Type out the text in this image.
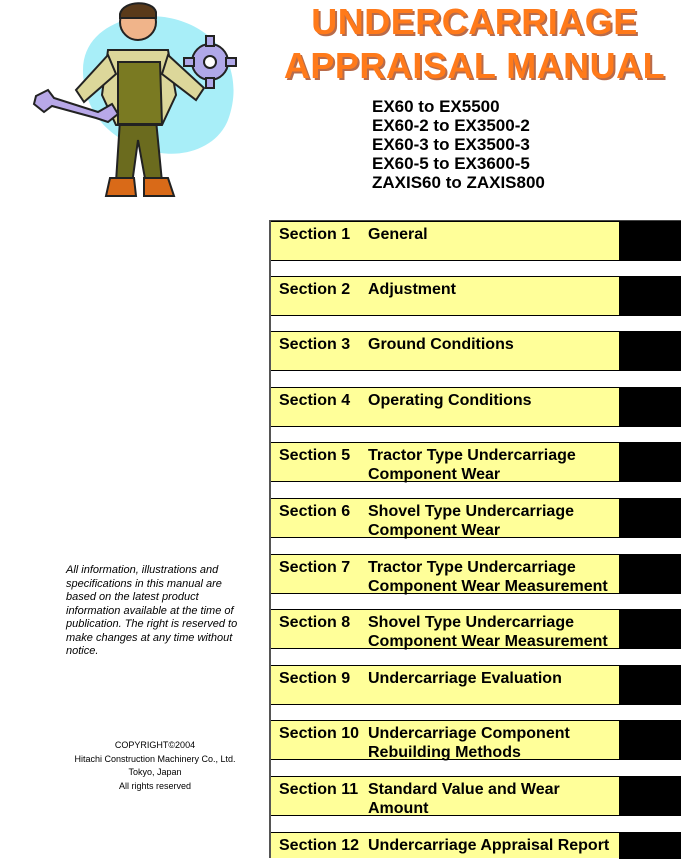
UNDERCARRIAGE
APPRAISAL MANUAL
EX60 to EX5500
EX60-2 to EX3500-2
EX60-3 to EX3500-3
EX60-5 to EX3600-5
ZAXIS60 to ZAXIS800
Section 1 General
Section 2 Adjustment
Section 3 Ground Conditions
Section 4 Operating Conditions
Section 5 Tractor Type Undercarriage Component Wear
Section 6 Shovel Type Undercarriage Component Wear
Section 7 Tractor Type Undercarriage
Component Wear Measurement
Section 8 Shovel Type Undercarriage
Component Wear Measurement
Section 9 Undercarriage Evaluation
Section 10 Undercarriage Component Rebuilding Methods
Section 11 Standard Value and Wear Amount
Section 12 Undercarriage Appraisal Report
All information, illustrations and specifications in this manual are based on the latest product information available at the time of publication. The right is reserved to make changes at any time without notice.
COPYRIGHT©2004
Hitachi Construction Machinery Co., Ltd.
Tokyo, Japan
All rights reserved
